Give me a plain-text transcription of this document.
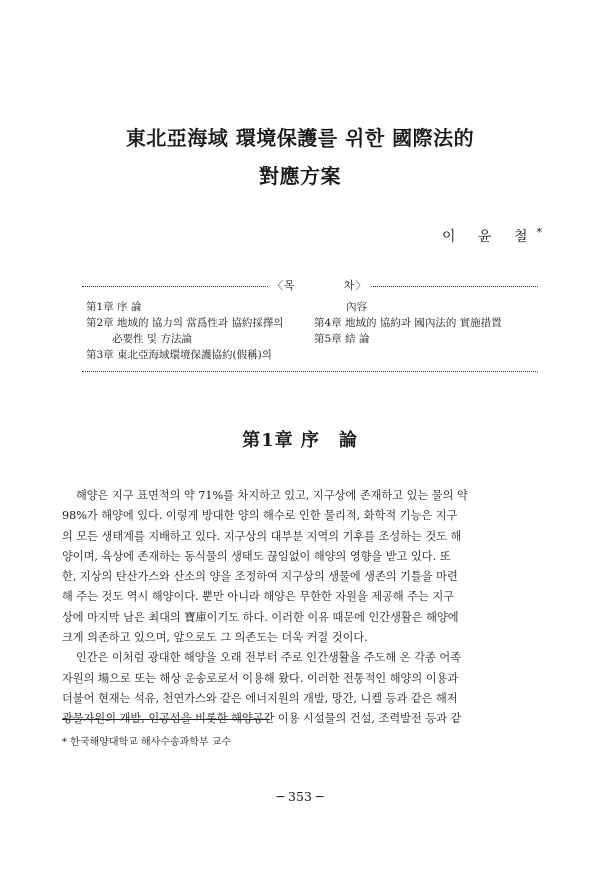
東北亞海域 環境保護를 위한 國際法的
對應方案
이 윤 철*
〈목　　　　차〉
第1章 序 論
第2章 地域的 協力의 當爲性과 協約採擇의
必要性 및 方法論
第3章 東北亞海域環境保護協約(假稱)의
內容
第4章 地域的 協約과 國內法的 實施措置
第5章 結 論
第1章 序　論
해양은 지구 표면적의 약 71%를 차지하고 있고, 지구상에 존재하고 있는 물의 약
98%가 해양에 있다. 이렇게 방대한 양의 해수로 인한 물리적, 화학적 기능은 지구
의 모든 생태계를 지배하고 있다. 지구상의 대부분 지역의 기후를 조성하는 것도 해
양이며, 육상에 존재하는 동식물의 생태도 끊임없이 해양의 영향을 받고 있다. 또
한, 지상의 탄산가스와 산소의 양을 조정하여 지구상의 생물에 생존의 기틀을 마련
해 주는 것도 역시 해양이다. 뿐만 아니라 해양은 무한한 자원을 제공해 주는 지구
상에 마지막 남은 최대의 寶庫이기도 하다. 이러한 이유 때문에 인간생활은 해양에
크게 의존하고 있으며, 앞으로도 그 의존도는 더욱 커질 것이다.
인간은 이처럼 광대한 해양을 오래 전부터 주로 인간생활을 주도해 온 각종 어족
자원의 場으로 또는 해상 운송로로서 이용해 왔다. 이러한 전통적인 해양의 이용과
더불어 현재는 석유, 천연가스와 같은 에너지원의 개발, 망간, 니켈 등과 같은 해저
광물자원의 개발, 인공섬을 비롯한 해양공간 이용 시설물의 건설, 조력발전 등과 같
* 한국해양대학교 해사수송과학부 교수
─ 353 ─
